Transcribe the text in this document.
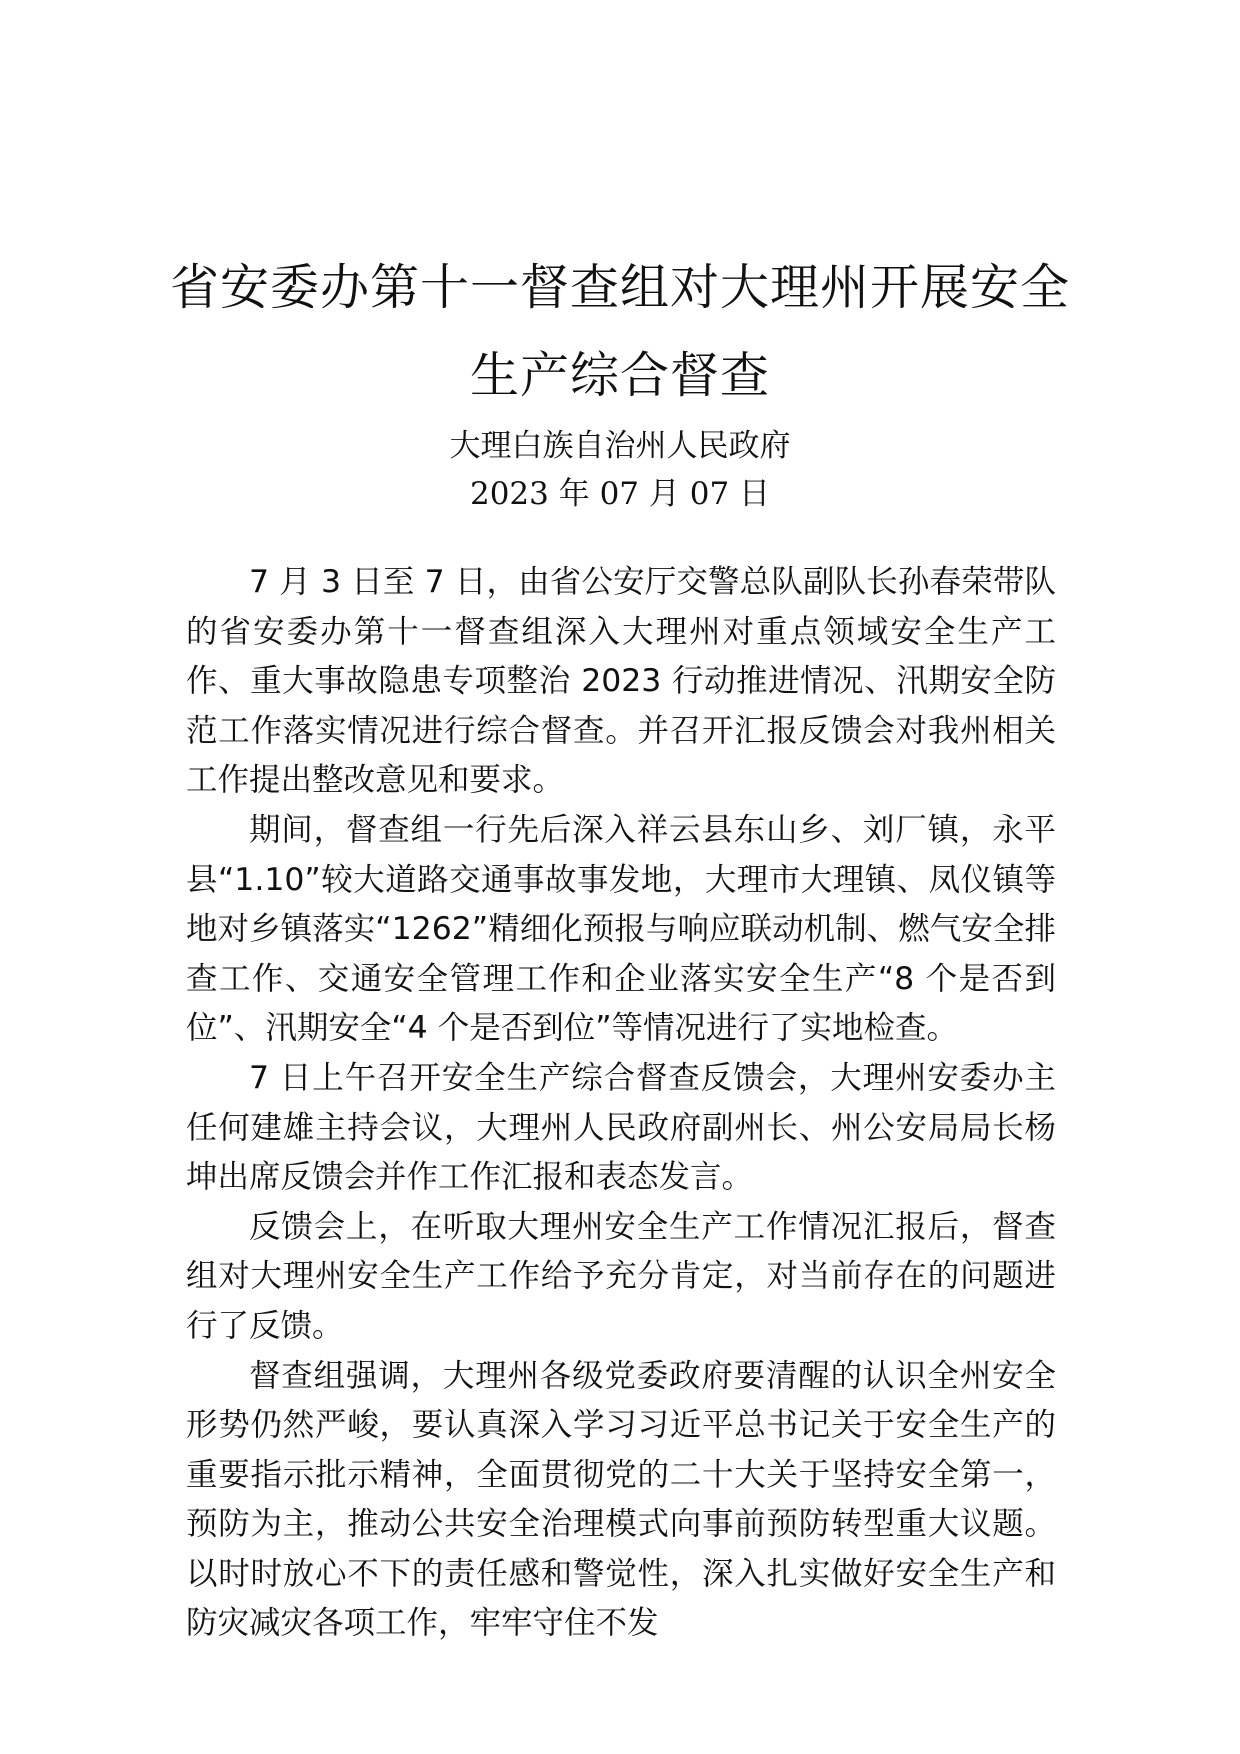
省安委办第十一督查组对大理州开展安全
生产综合督查
大理白族自治州人民政府
2023 年 07 月 07 日

7 月 3 日至 7 日，由省公安厅交警总队副队长孙春荣带队的省安委办第十一督查组深入大理州对重点领域安全生产工作、重大事故隐患专项整治 2023 行动推进情况、汛期安全防范工作落实情况进行综合督查。并召开汇报反馈会对我州相关工作提出整改意见和要求。

期间，督查组一行先后深入祥云县东山乡、刘厂镇，永平县“1.10”较大道路交通事故事发地，大理市大理镇、凤仪镇等地对乡镇落实“1262”精细化预报与响应联动机制、燃气安全排查工作、交通安全管理工作和企业落实安全生产“8 个是否到位”、汛期安全“4 个是否到位”等情况进行了实地检查。

7 日上午召开安全生产综合督查反馈会，大理州安委办主任何建雄主持会议，大理州人民政府副州长、州公安局局长杨坤出席反馈会并作工作汇报和表态发言。

反馈会上，在听取大理州安全生产工作情况汇报后，督查组对大理州安全生产工作给予充分肯定，对当前存在的问题进行了反馈。

督查组强调，大理州各级党委政府要清醒的认识全州安全形势仍然严峻，要认真深入学习习近平总书记关于安全生产的重要指示批示精神，全面贯彻党的二十大关于坚持安全第一，预防为主，推动公共安全治理模式向事前预防转型重大议题。以时时放心不下的责任感和警觉性，深入扎实做好安全生产和防灾减灾各项工作，牢牢守住不发
